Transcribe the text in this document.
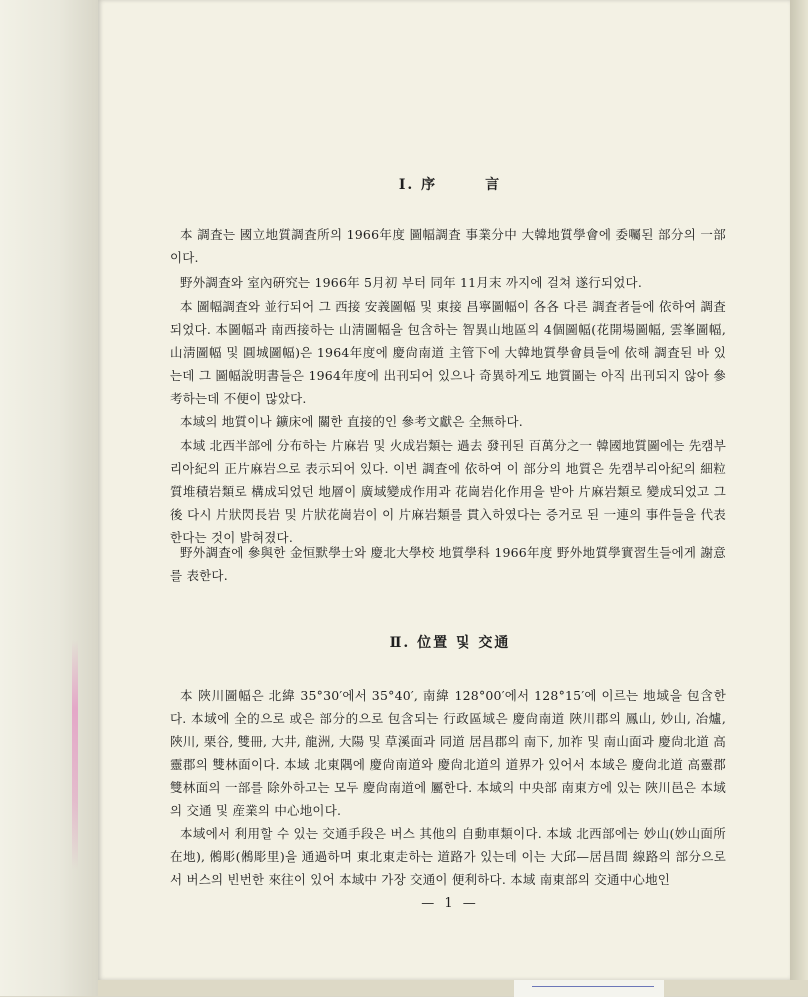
Ⅰ. 序　　　言

本 調査는 國立地質調査所의 1966年度 圖幅調査 事業分中 大韓地質學會에 委囑된 部分의 一部이다.

野外調査와 室內硏究는 1966年 5月初 부터 同年 11月末 까지에 걸쳐 遂行되었다.

本 圖幅調査와 並行되어 그 西接 安義圖幅 및 東接 昌寧圖幅이 各各 다른 調査者들에 依하여 調査되었다. 本圖幅과 南西接하는 山淸圖幅을 包含하는 智異山地區의 4個圖幅(花開場圖幅, 雲峯圖幅, 山淸圖幅 및 圓城圖幅)은 1964年度에 慶尙南道 主管下에 大韓地質學會員들에 依해 調査된 바 있는데 그 圖幅說明書들은 1964年度에 出刊되어 있으나 奇異하게도 地質圖는 아직 出刊되지 않아 參考하는데 不便이 많았다.

本域의 地質이나 鑛床에 關한 直接的인 參考文獻은 全無하다.

本域 北西半部에 分布하는 片麻岩 및 火成岩類는 過去 發刊된 百萬分之一 韓國地質圖에는 先캠부리아紀의 正片麻岩으로 表示되어 있다. 이번 調査에 依하여 이 部分의 地質은 先캠부리아紀의 細粒質堆積岩類로 構成되었던 地層이 廣域變成作用과 花崗岩化作用을 받아 片麻岩類로 變成되었고 그 後 다시 片狀閃長岩 및 片狀花崗岩이 이 片麻岩類를 貫入하였다는 증거로 된 一連의 事件들을 代表한다는 것이 밝혀졌다.

野外調査에 參與한 金恒默學士와 慶北大學校 地質學科 1966年度 野外地質學實習生들에게 謝意를 表한다.

Ⅱ. 位置 및 交通

本 陜川圖幅은 北緯 35°30′에서 35°40′, 南緯 128°00′에서 128°15′에 이르는 地域을 包含한다. 本域에 全的으로 或은 部分的으로 包含되는 行政區域은 慶尙南道 陜川郡의 鳳山, 妙山, 冶爐, 陜川, 栗谷, 雙冊, 大井, 龍洲, 大陽 및 草溪面과 同道 居昌郡의 南下, 加祚 및 南山面과 慶尙北道 高靈郡의 雙林面이다. 本域 北東隅에 慶尙南道와 慶尙北道의 道界가 있어서 本域은 慶尙北道 高靈郡 雙林面의 一部를 除外하고는 모두 慶尙南道에 屬한다. 本域의 中央部 南東方에 있는 陜川邑은 本域의 交通 및 産業의 中心地이다.

本域에서 利用할 수 있는 交通手段은 버스 其他의 自動車類이다. 本域 北西部에는 妙山(妙山面所在地), 鵂彫(鵂彫里)을 通過하며 東北東走하는 道路가 있는데 이는 大邱—居昌間 線路의 部分으로서 버스의 빈번한 來往이 있어 本域中 가장 交通이 便利하다. 本域 南東部의 交通中心地인

— 1 —
